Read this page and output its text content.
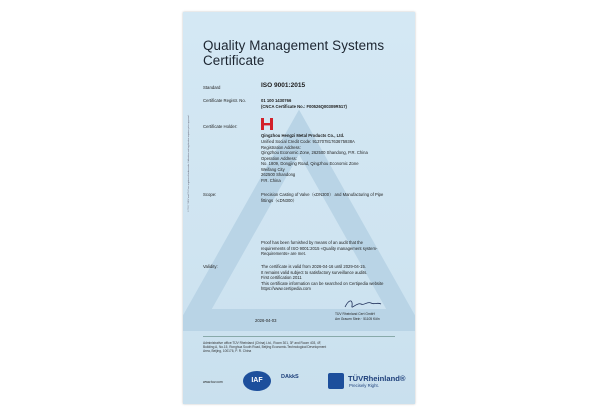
© TÜV, TUEV and TUV are registered trademarks. Utilisation and application requires prior approval.
Quality Management Systems
Certificate
Standard	ISO 9001:2015
Certificate Registr. No.	01 100 1430766
(CNCA Certificate No.: F00526Q00309R517)
Certificate Holder:
Qingzhou Hengzi Metal Products Co., Ltd.
Unified Social Credit Code: 91370781763675938A
Registration Address:
Qingzhou Economic Zone, 262500 Shandong, P.R. China
Operation Address:
No. 1809, Dongjing Road, Qingzhou Economic Zone
Weifang City
262500 Shandong
P.R. China
Scope:	Precision Casting of Valve（≤DN300） and Manufacturing of Pipe
fittings（≤DN300）
Proof has been furnished by means of an audit that the
requirements of ISO 9001:2015 «Quality management system-
Requirements» are met.
Validity:	The certificate is valid from 2026-04-16 until 2029-04-15.
It remains valid subject to satisfactory surveillance audits.
First certification 2011
This certificate information can be searched on Certipedia website
https://www.certipedia.com
2026-04-03
TÜV Rheinland Cert GmbH
Am Grauen Stein · 51105 Köln
Administrative office:TÜV Rheinland (China) Ltd., Room 301, 3F and Room 403, 4F,
Building A, No.15, Ronghua South Road, Beijing Economic-Technological Development
Area, Beijing, 100176, P. R. China
www.tuv.com	IAF	DAkkS	TÜVRheinland®
Precisely Right.
